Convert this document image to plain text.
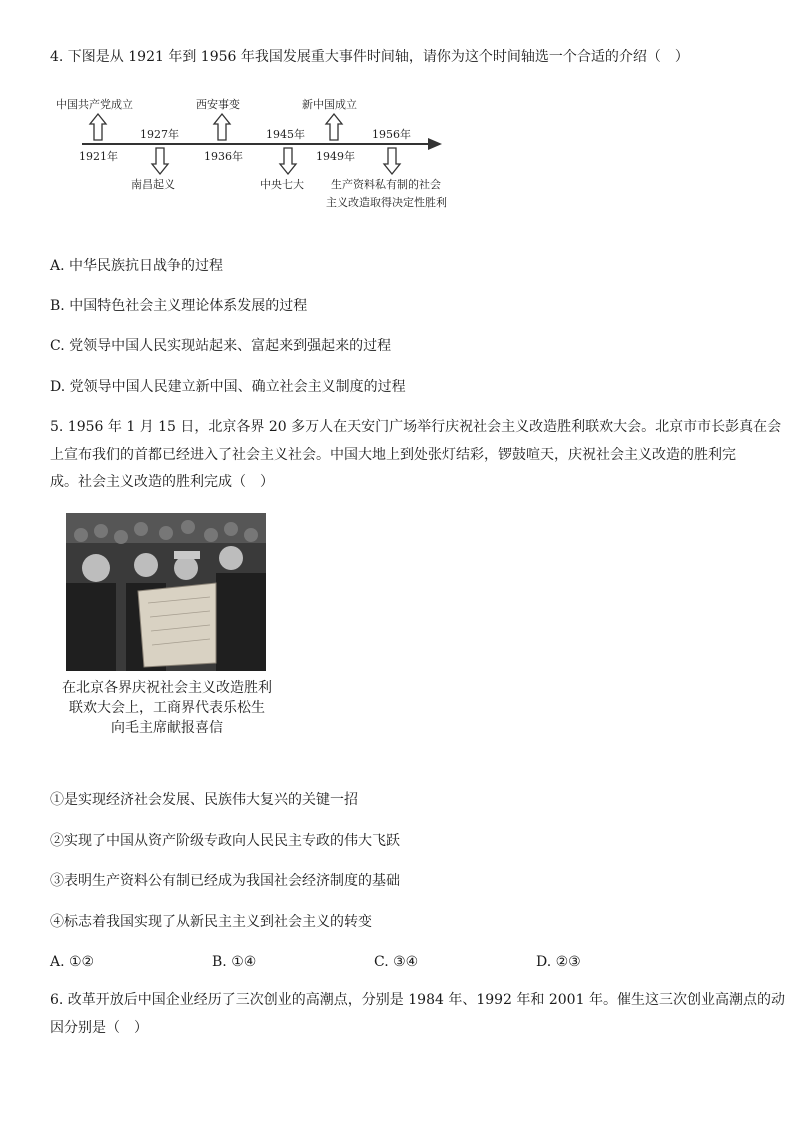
4. 下图是从 1921 年到 1956 年我国发展重大事件时间轴，请你为这个时间轴选一个合适的介绍（　）
中国共产党成立
1921年
西安事变
1936年
新中国成立
1949年
1927年
南昌起义
1945年
中央七大
1956年
生产资料私有制的社会
主义改造取得决定性胜利
A. 中华民族抗日战争的过程
B. 中国特色社会主义理论体系发展的过程
C. 党领导中国人民实现站起来、富起来到强起来的过程
D. 党领导中国人民建立新中国、确立社会主义制度的过程
5. 1956 年 1 月 15 日，北京各界 20 多万人在天安门广场举行庆祝社会主义改造胜利联欢大会。北京市市长彭真在会
上宣布我们的首都已经进入了社会主义社会。中国大地上到处张灯结彩，锣鼓喧天，庆祝社会主义改造的胜利完
成。社会主义改造的胜利完成（　）
在北京各界庆祝社会主义改造胜利
联欢大会上，工商界代表乐松生
向毛主席献报喜信
①是实现经济社会发展、民族伟大复兴的关键一招
②实现了中国从资产阶级专政向人民民主专政的伟大飞跃
③表明生产资料公有制已经成为我国社会经济制度的基础
④标志着我国实现了从新民主主义到社会主义的转变
A. ①②	B. ①④	C. ③④	D. ②③
6. 改革开放后中国企业经历了三次创业的高潮点，分别是 1984 年、1992 年和 2001 年。催生这三次创业高潮点的动
因分别是（　）
